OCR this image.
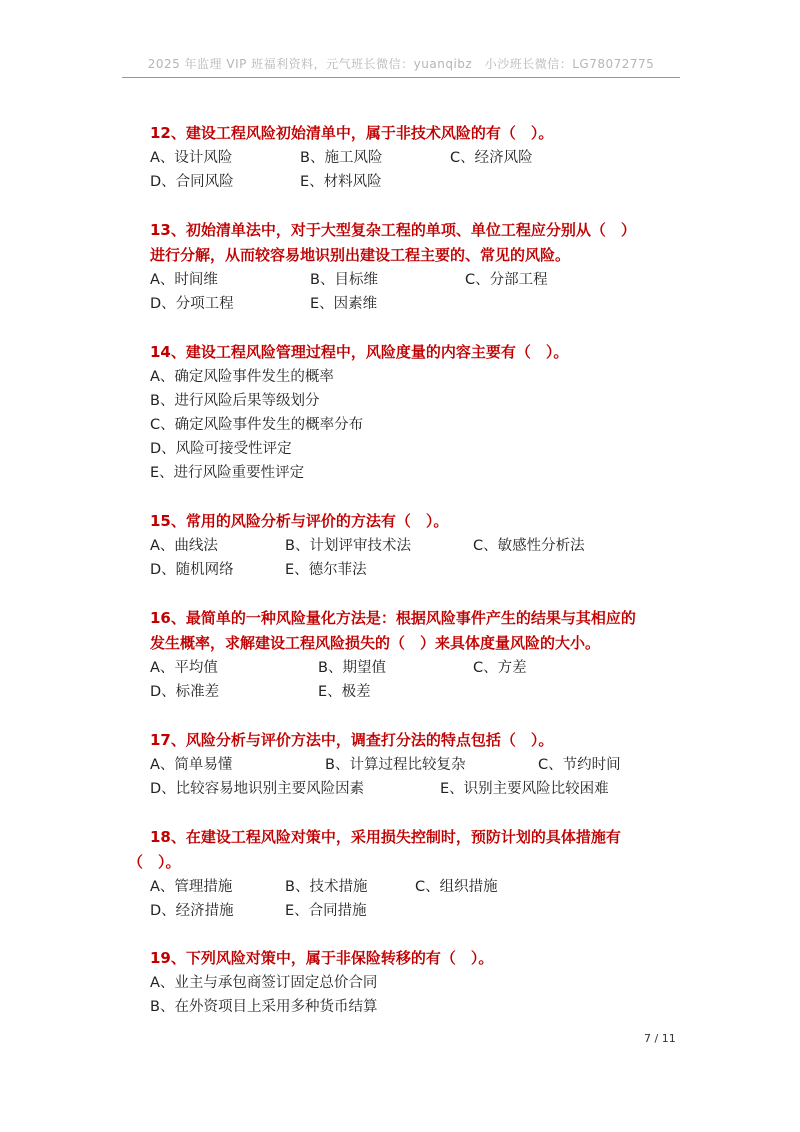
2025 年监理 VIP 班福利资料，元气班长微信：yuanqibz　小沙班长微信：LG78072775

12、建设工程风险初始清单中，属于非技术风险的有（　）。

A、设计风险	B、施工风险	C、经济风险
D、合同风险	E、材料风险

13、初始清单法中，对于大型复杂工程的单项、单位工程应分别从（　）

进行分解，从而较容易地识别出建设工程主要的、常见的风险。

A、时间维	B、目标维	C、分部工程
D、分项工程	E、因素维

14、建设工程风险管理过程中，风险度量的内容主要有（　）。

A、确定风险事件发生的概率
B、进行风险后果等级划分
C、确定风险事件发生的概率分布
D、风险可接受性评定
E、进行风险重要性评定

15、常用的风险分析与评价的方法有（　）。

A、曲线法	B、计划评审技术法	C、敏感性分析法
D、随机网络	E、德尔菲法

16、最简单的一种风险量化方法是：根据风险事件产生的结果与其相应的

发生概率，求解建设工程风险损失的（　）来具体度量风险的大小。

A、平均值	B、期望值	C、方差
D、标准差	E、极差

17、风险分析与评价方法中，调查打分法的特点包括（　）。

A、简单易懂	B、计算过程比较复杂	C、节约时间
D、比较容易地识别主要风险因素	E、识别主要风险比较困难

18、在建设工程风险对策中，采用损失控制时，预防计划的具体措施有

（　）。

A、管理措施	B、技术措施	C、组织措施
D、经济措施	E、合同措施

19、下列风险对策中，属于非保险转移的有（　）。

A、业主与承包商签订固定总价合同
B、在外资项目上采用多种货币结算
7 / 11
